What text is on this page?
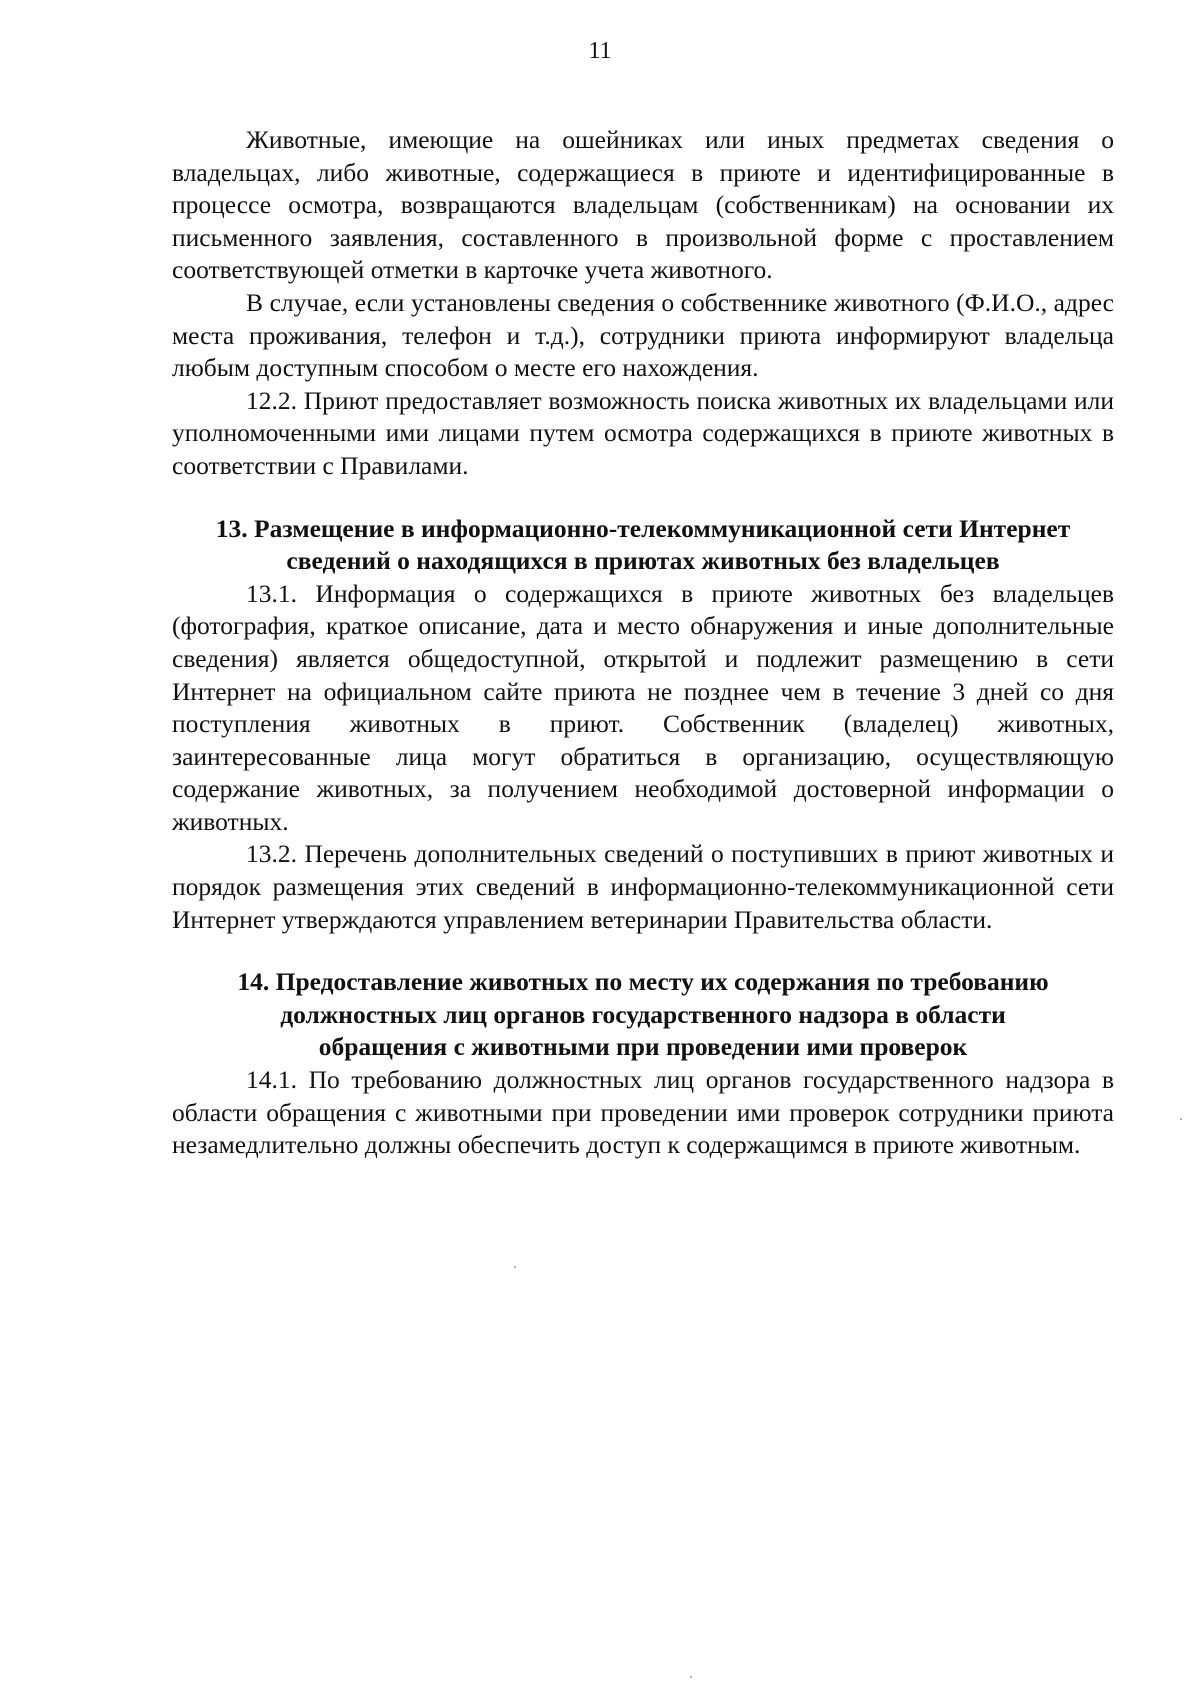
11

Животные, имеющие на ошейниках или иных предметах сведения о владельцах, либо животные, содержащиеся в приюте и идентифицированные в процессе осмотра, возвращаются владельцам (собственникам) на основании их письменного заявления, составленного в произвольной форме с проставлением соответствующей отметки в карточке учета животного.

В случае, если установлены сведения о собственнике животного (Ф.И.О., адрес места проживания, телефон и т.д.), сотрудники приюта информируют владельца любым доступным способом о месте его нахождения.

12.2. Приют предоставляет возможность поиска животных их владельцами или уполномоченными ими лицами путем осмотра содержащихся в приюте животных в соответствии с Правилами.

13. Размещение в информационно-телекоммуникационной сети Интернет

сведений о находящихся в приютах животных без владельцев

13.1. Информация о содержащихся в приюте животных без владельцев (фотография, краткое описание, дата и место обнаружения и иные дополнительные сведения) является общедоступной, открытой и подлежит размещению в сети Интернет на официальном сайте приюта не позднее чем в течение 3 дней со дня поступления животных в приют. Собственник (владелец) животных, заинтересованные лица могут обратиться в организацию, осуществляющую содержание животных, за получением необходимой достоверной информации о животных.

13.2. Перечень дополнительных сведений о поступивших в приют животных и порядок размещения этих сведений в информационно-телекоммуникационной сети Интернет утверждаются управлением ветеринарии Правительства области.

14. Предоставление животных по месту их содержания по требованию

должностных лиц органов государственного надзора в области

обращения с животными при проведении ими проверок

14.1. По требованию должностных лиц органов государственного надзора в области обращения с животными при проведении ими проверок сотрудники приюта незамедлительно должны обеспечить доступ к содержащимся в приюте животным.
